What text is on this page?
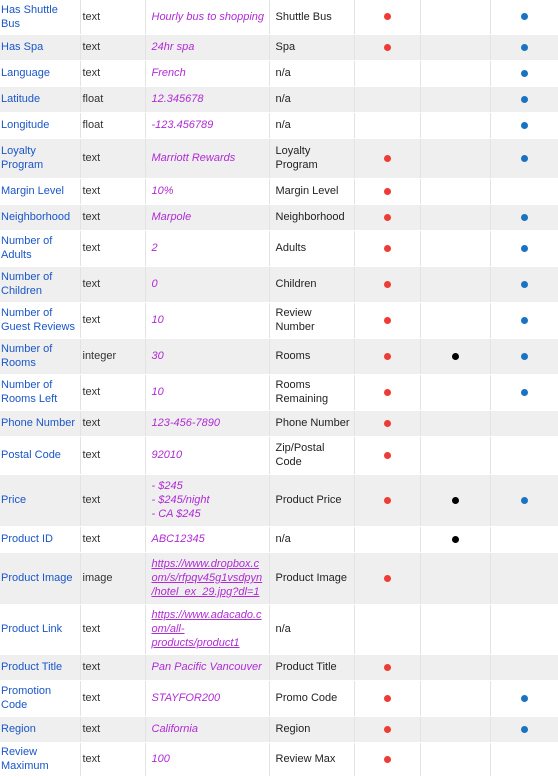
Has Shuttle Bus	text	Hourly bus to shopping	Shuttle Bus			
Has Spa	text	24hr spa	Spa			
Language	text	French	n/a			
Latitude	float	12.345678	n/a			
Longitude	float	-123.456789	n/a			
Loyalty Program	text	Marriott Rewards	Loyalty Program			
Margin Level	text	10%	Margin Level			
Neighborhood	text	Marpole	Neighborhood			
Number of Adults	text	2	Adults			
Number of Children	text	0	Children			
Number of Guest Reviews	text	10	Review Number			
Number of Rooms	integer	30	Rooms			
Number of Rooms Left	text	10	Rooms Remaining			
Phone Number	text	123-456-7890	Phone Number			
Postal Code	text	92010	Zip/Postal Code			
Price	text	- $245
- $245/night
- CA $245	Product Price			
Product ID	text	ABC12345	n/a			
Product Image	image	https://www.dropbox.com/s/rfpqv45g1vsdpyn/hotel_ex_29.jpg?dl=1	Product Image			
Product Link	text	https://www.adacado.com/all-products/product1	n/a			
Product Title	text	Pan Pacific Vancouver	Product Title			
Promotion Code	text	STAYFOR200	Promo Code			
Region	text	California	Region			
Review Maximum	text	100	Review Max			
